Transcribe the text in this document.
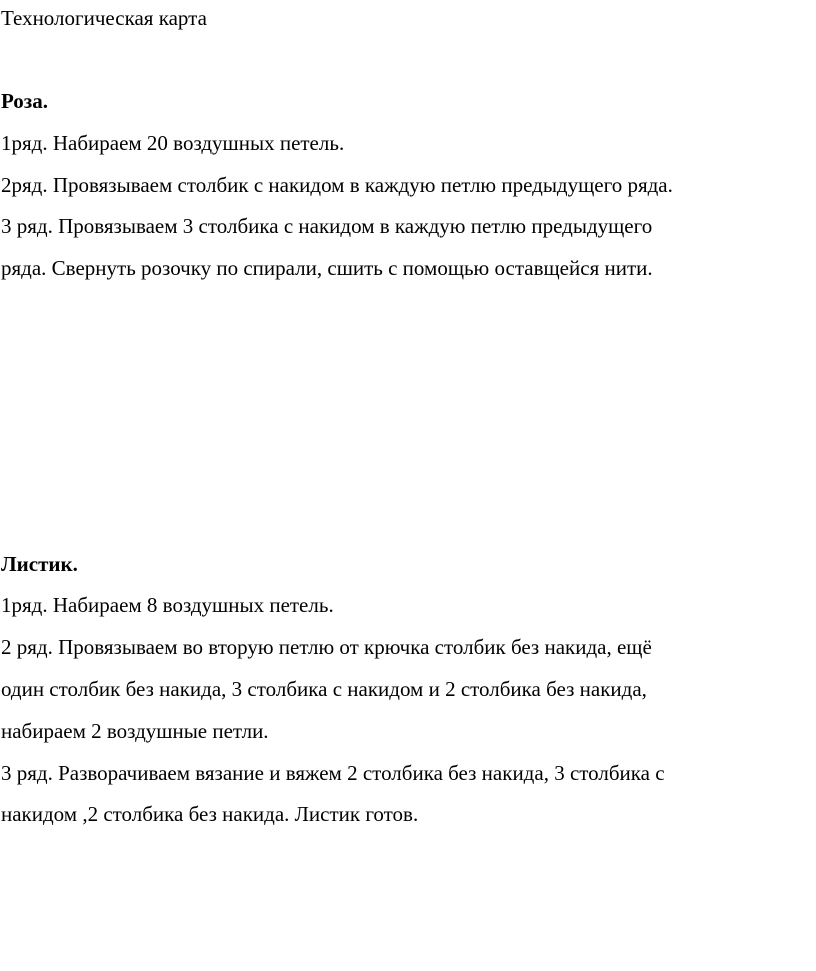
Технологическая карта
Роза.
1ряд. Набираем 20 воздушных петель.
2ряд. Провязываем столбик с накидом в каждую петлю предыдущего ряда.
3 ряд. Провязываем 3 столбика с накидом в каждую петлю предыдущего
ряда. Свернуть розочку по спирали, сшить с помощью оставщейся нити.
Листик.
1ряд. Набираем 8 воздушных петель.
2 ряд. Провязываем во вторую петлю от крючка столбик без накида, ещё
один столбик без накида, 3 столбика с накидом и 2 столбика без накида,
набираем 2 воздушные петли.
3 ряд. Разворачиваем вязание и вяжем 2 столбика без накида, 3 столбика с
накидом ,2 столбика без накида. Листик готов.
